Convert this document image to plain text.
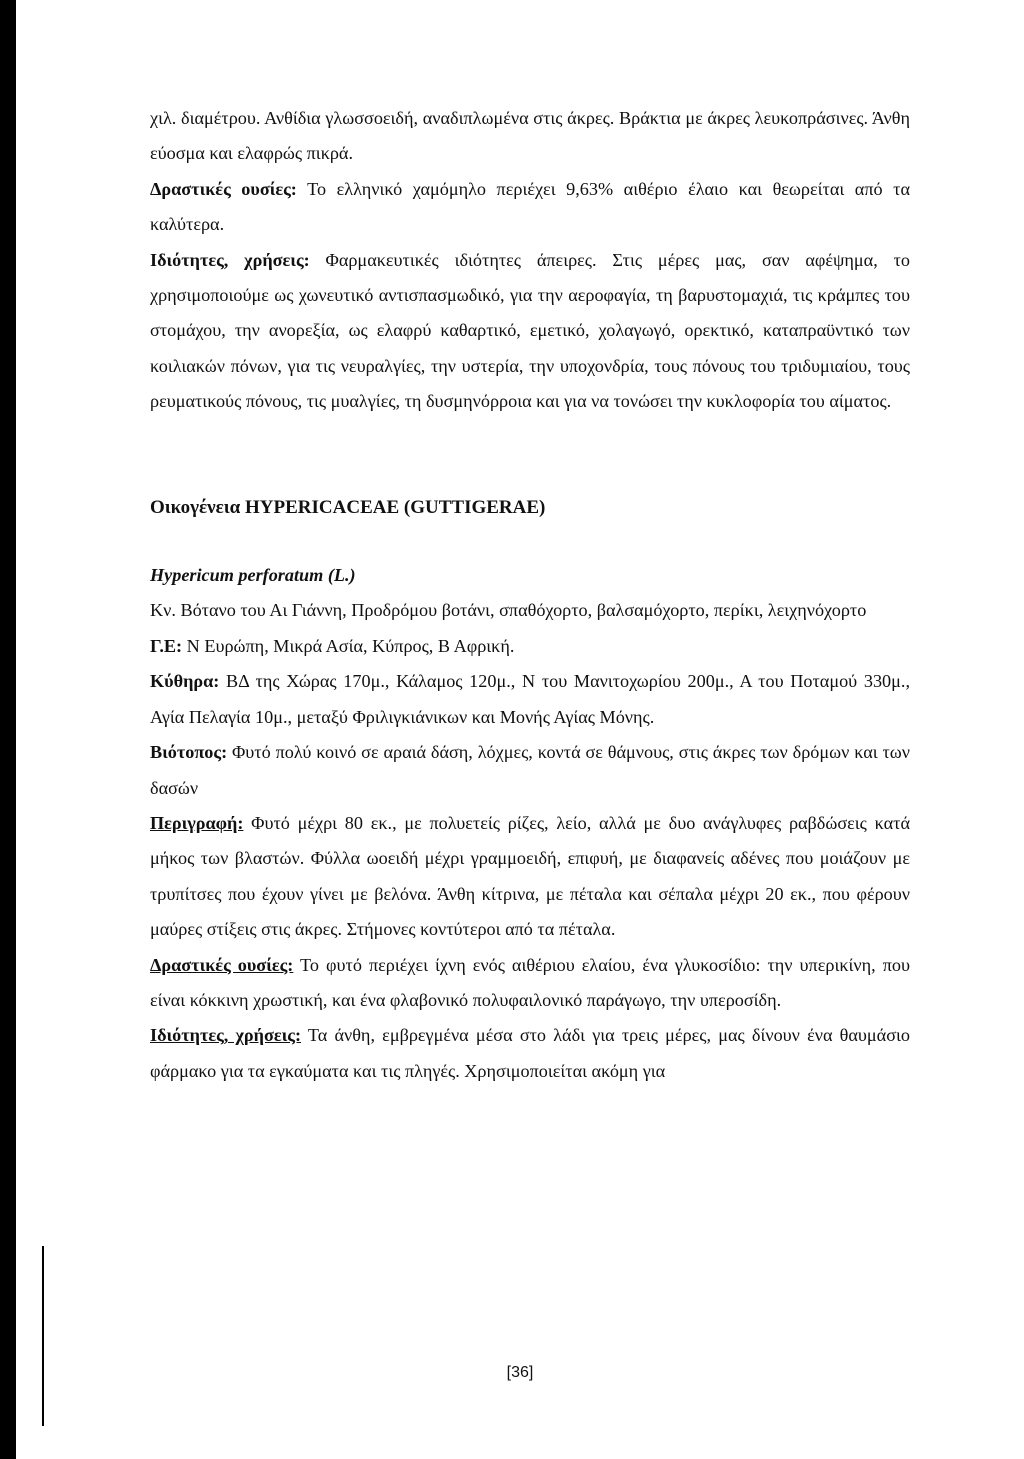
χιλ. διαμέτρου. Ανθίδια γλωσσοειδή, αναδιπλωμένα στις άκρες. Βράκτια με άκρες λευκοπράσινες. Άνθη εύοσμα και ελαφρώς πικρά.

Δραστικές ουσίες: Το ελληνικό χαμόμηλο περιέχει 9,63% αιθέριο έλαιο και θεωρείται από τα καλύτερα.

Ιδιότητες, χρήσεις: Φαρμακευτικές ιδιότητες άπειρες. Στις μέρες μας, σαν αφέψημα, το χρησιμοποιούμε ως χωνευτικό αντισπασμωδικό, για την αεροφαγία, τη βαρυστομαχιά, τις κράμπες του στομάχου, την ανορεξία, ως ελαφρύ καθαρτικό, εμετικό, χολαγωγό, ορεκτικό, καταπραϋντικό των κοιλιακών πόνων, για τις νευραλγίες, την υστερία, την υποχονδρία, τους πόνους του τριδυμιαίου, τους ρευματικούς πόνους, τις μυαλγίες, τη δυσμηνόρροια και για να τονώσει την κυκλοφορία του αίματος.

Οικογένεια HYPERICACEAE (GUTTIGERAE)

Hypericum perforatum (L.)

Κν. Βότανο του Αι Γιάννη, Προδρόμου βοτάνι, σπαθόχορτο, βαλσαμόχορτο, περίκι, λειχηνόχορτο

Γ.Ε: Ν Ευρώπη, Μικρά Ασία, Κύπρος, Β Αφρική.

Κύθηρα: ΒΔ της Χώρας 170μ., Κάλαμος 120μ., Ν του Μανιτοχωρίου 200μ., Α του Ποταμού 330μ., Αγία Πελαγία 10μ., μεταξύ Φριλιγκιάνικων και Μονής Αγίας Μόνης.

Βιότοπος: Φυτό πολύ κοινό σε αραιά δάση, λόχμες, κοντά σε θάμνους, στις άκρες των δρόμων και των δασών

Περιγραφή: Φυτό μέχρι 80 εκ., με πολυετείς ρίζες, λείο, αλλά με δυο ανάγλυφες ραβδώσεις κατά μήκος των βλαστών. Φύλλα ωοειδή μέχρι γραμμοειδή, επιφυή, με διαφανείς αδένες που μοιάζουν με τρυπίτσες που έχουν γίνει με βελόνα. Άνθη κίτρινα, με πέταλα και σέπαλα μέχρι 20 εκ., που φέρουν μαύρες στίξεις στις άκρες. Στήμονες κοντύτεροι από τα πέταλα.

Δραστικές ουσίες: Το φυτό περιέχει ίχνη ενός αιθέριου ελαίου, ένα γλυκοσίδιο: την υπερικίνη, που είναι κόκκινη χρωστική, και ένα φλαβονικό πολυφαιλονικό παράγωγο, την υπεροσίδη.

Ιδιότητες, χρήσεις: Τα άνθη, εμβρεγμένα μέσα στο λάδι για τρεις μέρες, μας δίνουν ένα θαυμάσιο φάρμακο για τα εγκαύματα και τις πληγές. Χρησιμοποιείται ακόμη για

[36]
